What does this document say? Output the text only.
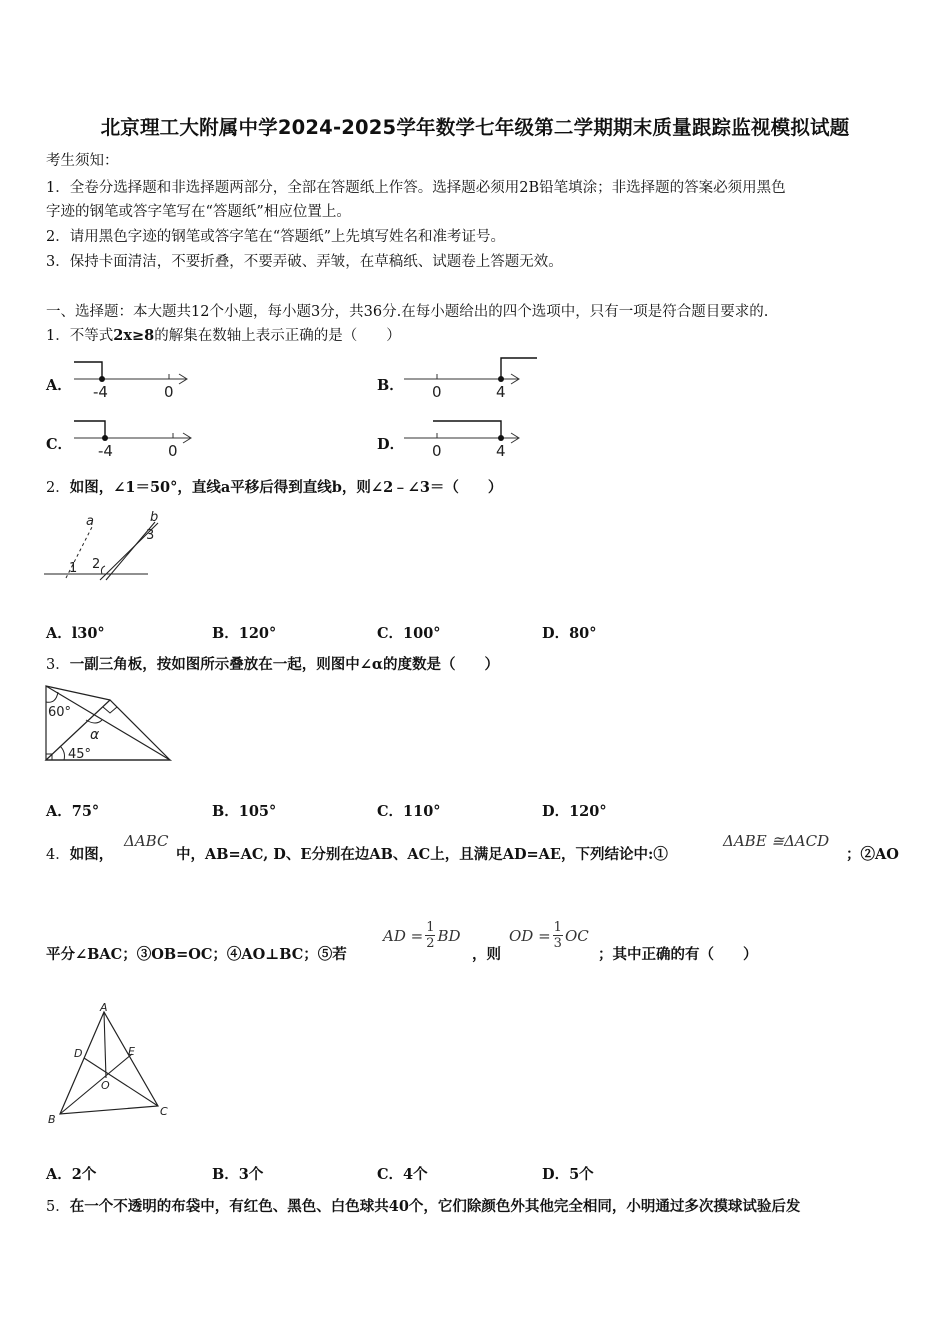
北京理工大附属中学2024-2025学年数学七年级第二学期期末质量跟踪监视模拟试题
考生须知：
1．全卷分选择题和非选择题两部分，全部在答题纸上作答。选择题必须用2B铅笔填涂；非选择题的答案必须用黑色
字迹的钢笔或答字笔写在“答题纸”相应位置上。
2．请用黑色字迹的钢笔或答字笔在“答题纸”上先填写姓名和准考证号。
3．保持卡面清洁，不要折叠，不要弄破、弄皱，在草稿纸、试题卷上答题无效。
一、选择题：本大题共12个小题，每小题3分，共36分.在每小题给出的四个选项中，只有一项是符合题目要求的.
1．不等式2x≥8的解集在数轴上表示正确的是（　　）
A． -4	0	B． 0	4
C． -4	0	D． 0	4
2．如图，∠1＝50°，直线a平移后得到直线b，则∠2﹣∠3＝（　　）
a	b
1 2
3
A．l30°	B．120°	C．100°	D．80°
3．一副三角板，按如图所示叠放在一起，则图中∠α的度数是（　　）
60°
45°
α
A．75°	B．105°	C．110°	D．120°
4．如图，
ΔABC
中，AB=AC, D、E分别在边AB、AC上，且满足AD=AE，下列结论中:①
ΔABE ≅ΔACD
；②AO
平分∠BAC；③OB=OC；④AO⊥BC；⑤若
AD = $\frac{1}{2}$ BD
，则
OD = $\frac{1}{3}$ OC
；其中正确的有（　　）
A
B
C
D	E
O
A．2个	B．3个	C．4个	D．5个
5．在一个不透明的布袋中，有红色、黑色、白色球共40个，它们除颜色外其他完全相同，小明通过多次摸球试验后发
